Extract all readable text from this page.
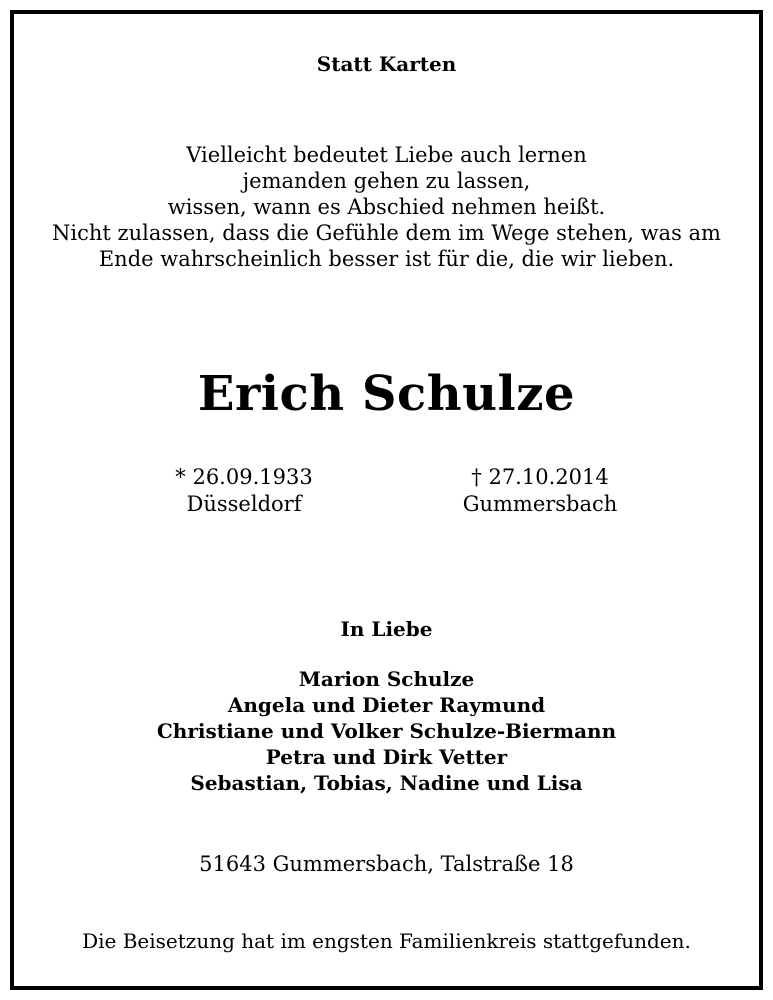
Statt Karten
Vielleicht bedeutet Liebe auch lernen
jemanden gehen zu lassen,
wissen, wann es Abschied nehmen heißt.
Nicht zulassen, dass die Gefühle dem im Wege stehen, was am
Ende wahrscheinlich besser ist für die, die wir lieben.
Erich Schulze
* 26.09.1933
Düsseldorf
† 27.10.2014
Gummersbach
In Liebe
Marion Schulze
Angela und Dieter Raymund
Christiane und Volker Schulze-Biermann
Petra und Dirk Vetter
Sebastian, Tobias, Nadine und Lisa
51643 Gummersbach, Talstraße 18
Die Beisetzung hat im engsten Familienkreis stattgefunden.
